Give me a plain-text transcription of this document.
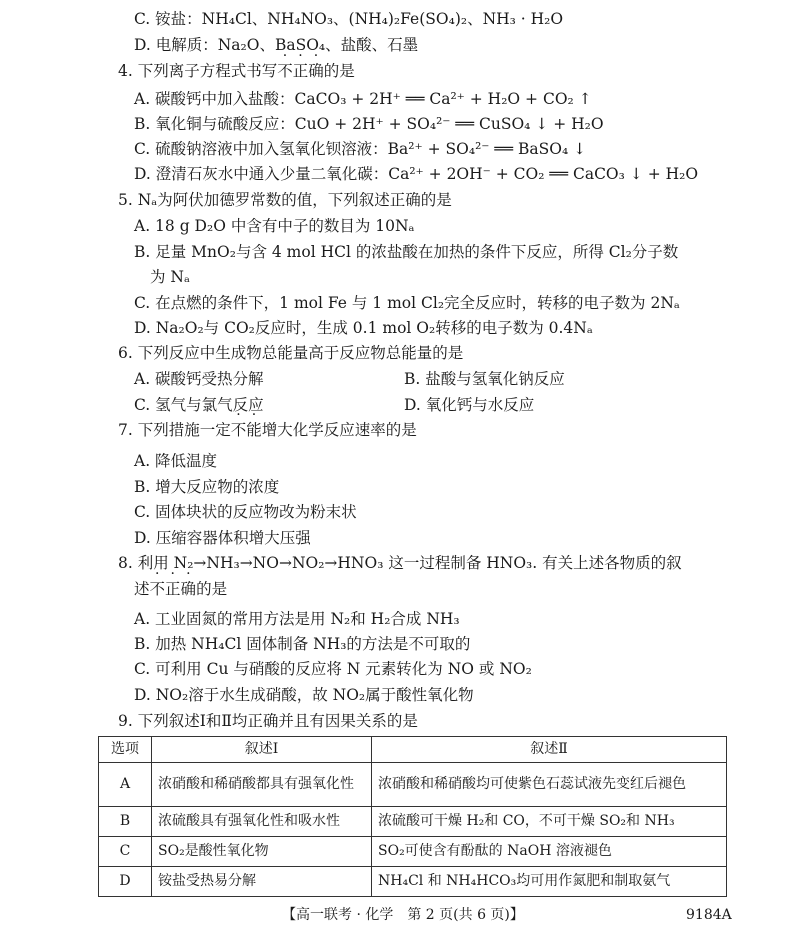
C. 铵盐：NH₄Cl、NH₄NO₃、(NH₄)₂Fe(SO₄)₂、NH₃ · H₂O
D. 电解质：Na₂O、BaSO₄、盐酸、石墨
4. 下列离子方程式书写不正确的是
A. 碳酸钙中加入盐酸：CaCO₃ + 2H⁺ ══ Ca²⁺ + H₂O + CO₂ ↑
B. 氧化铜与硫酸反应：CuO + 2H⁺ + SO₄²⁻ ══ CuSO₄ ↓ + H₂O
C. 硫酸钠溶液中加入氢氧化钡溶液：Ba²⁺ + SO₄²⁻ ══ BaSO₄ ↓
D. 澄清石灰水中通入少量二氧化碳：Ca²⁺ + 2OH⁻ + CO₂ ══ CaCO₃ ↓ + H₂O
5. Nₐ为阿伏加德罗常数的值，下列叙述正确的是
A. 18 g D₂O 中含有中子的数目为 10Nₐ
B. 足量 MnO₂与含 4 mol HCl 的浓盐酸在加热的条件下反应，所得 Cl₂分子数
为 Nₐ
C. 在点燃的条件下，1 mol Fe 与 1 mol Cl₂完全反应时，转移的电子数为 2Nₐ
D. Na₂O₂与 CO₂反应时，生成 0.1 mol O₂转移的电子数为 0.4Nₐ
6. 下列反应中生成物总能量高于反应物总能量的是
A. 碳酸钙受热分解	B. 盐酸与氢氧化钠反应
C. 氢气与氯气反应	D. 氧化钙与水反应
7. 下列措施一定不能增大化学反应速率的是
A. 降低温度
B. 增大反应物的浓度
C. 固体块状的反应物改为粉末状
D. 压缩容器体积增大压强
8. 利用 N₂→NH₃→NO→NO₂→HNO₃ 这一过程制备 HNO₃. 有关上述各物质的叙
述不正确的是
A. 工业固氮的常用方法是用 N₂和 H₂合成 NH₃
B. 加热 NH₄Cl 固体制备 NH₃的方法是不可取的
C. 可利用 Cu 与硝酸的反应将 N 元素转化为 NO 或 NO₂
D. NO₂溶于水生成硝酸，故 NO₂属于酸性氧化物
9. 下列叙述Ⅰ和Ⅱ均正确并且有因果关系的是
选项	叙述Ⅰ	叙述Ⅱ
A	浓硝酸和稀硝酸都具有强氧化性	浓硝酸和稀硝酸均可使紫色石蕊试液先变红后褪色
B	浓硫酸具有强氧化性和吸水性	浓硫酸可干燥 H₂和 CO，不可干燥 SO₂和 NH₃
C	SO₂是酸性氧化物	SO₂可使含有酚酞的 NaOH 溶液褪色
D	铵盐受热易分解	NH₄Cl 和 NH₄HCO₃均可用作氮肥和制取氨气
【高一联考 · 化学　第 2 页(共 6 页)】	9184A
